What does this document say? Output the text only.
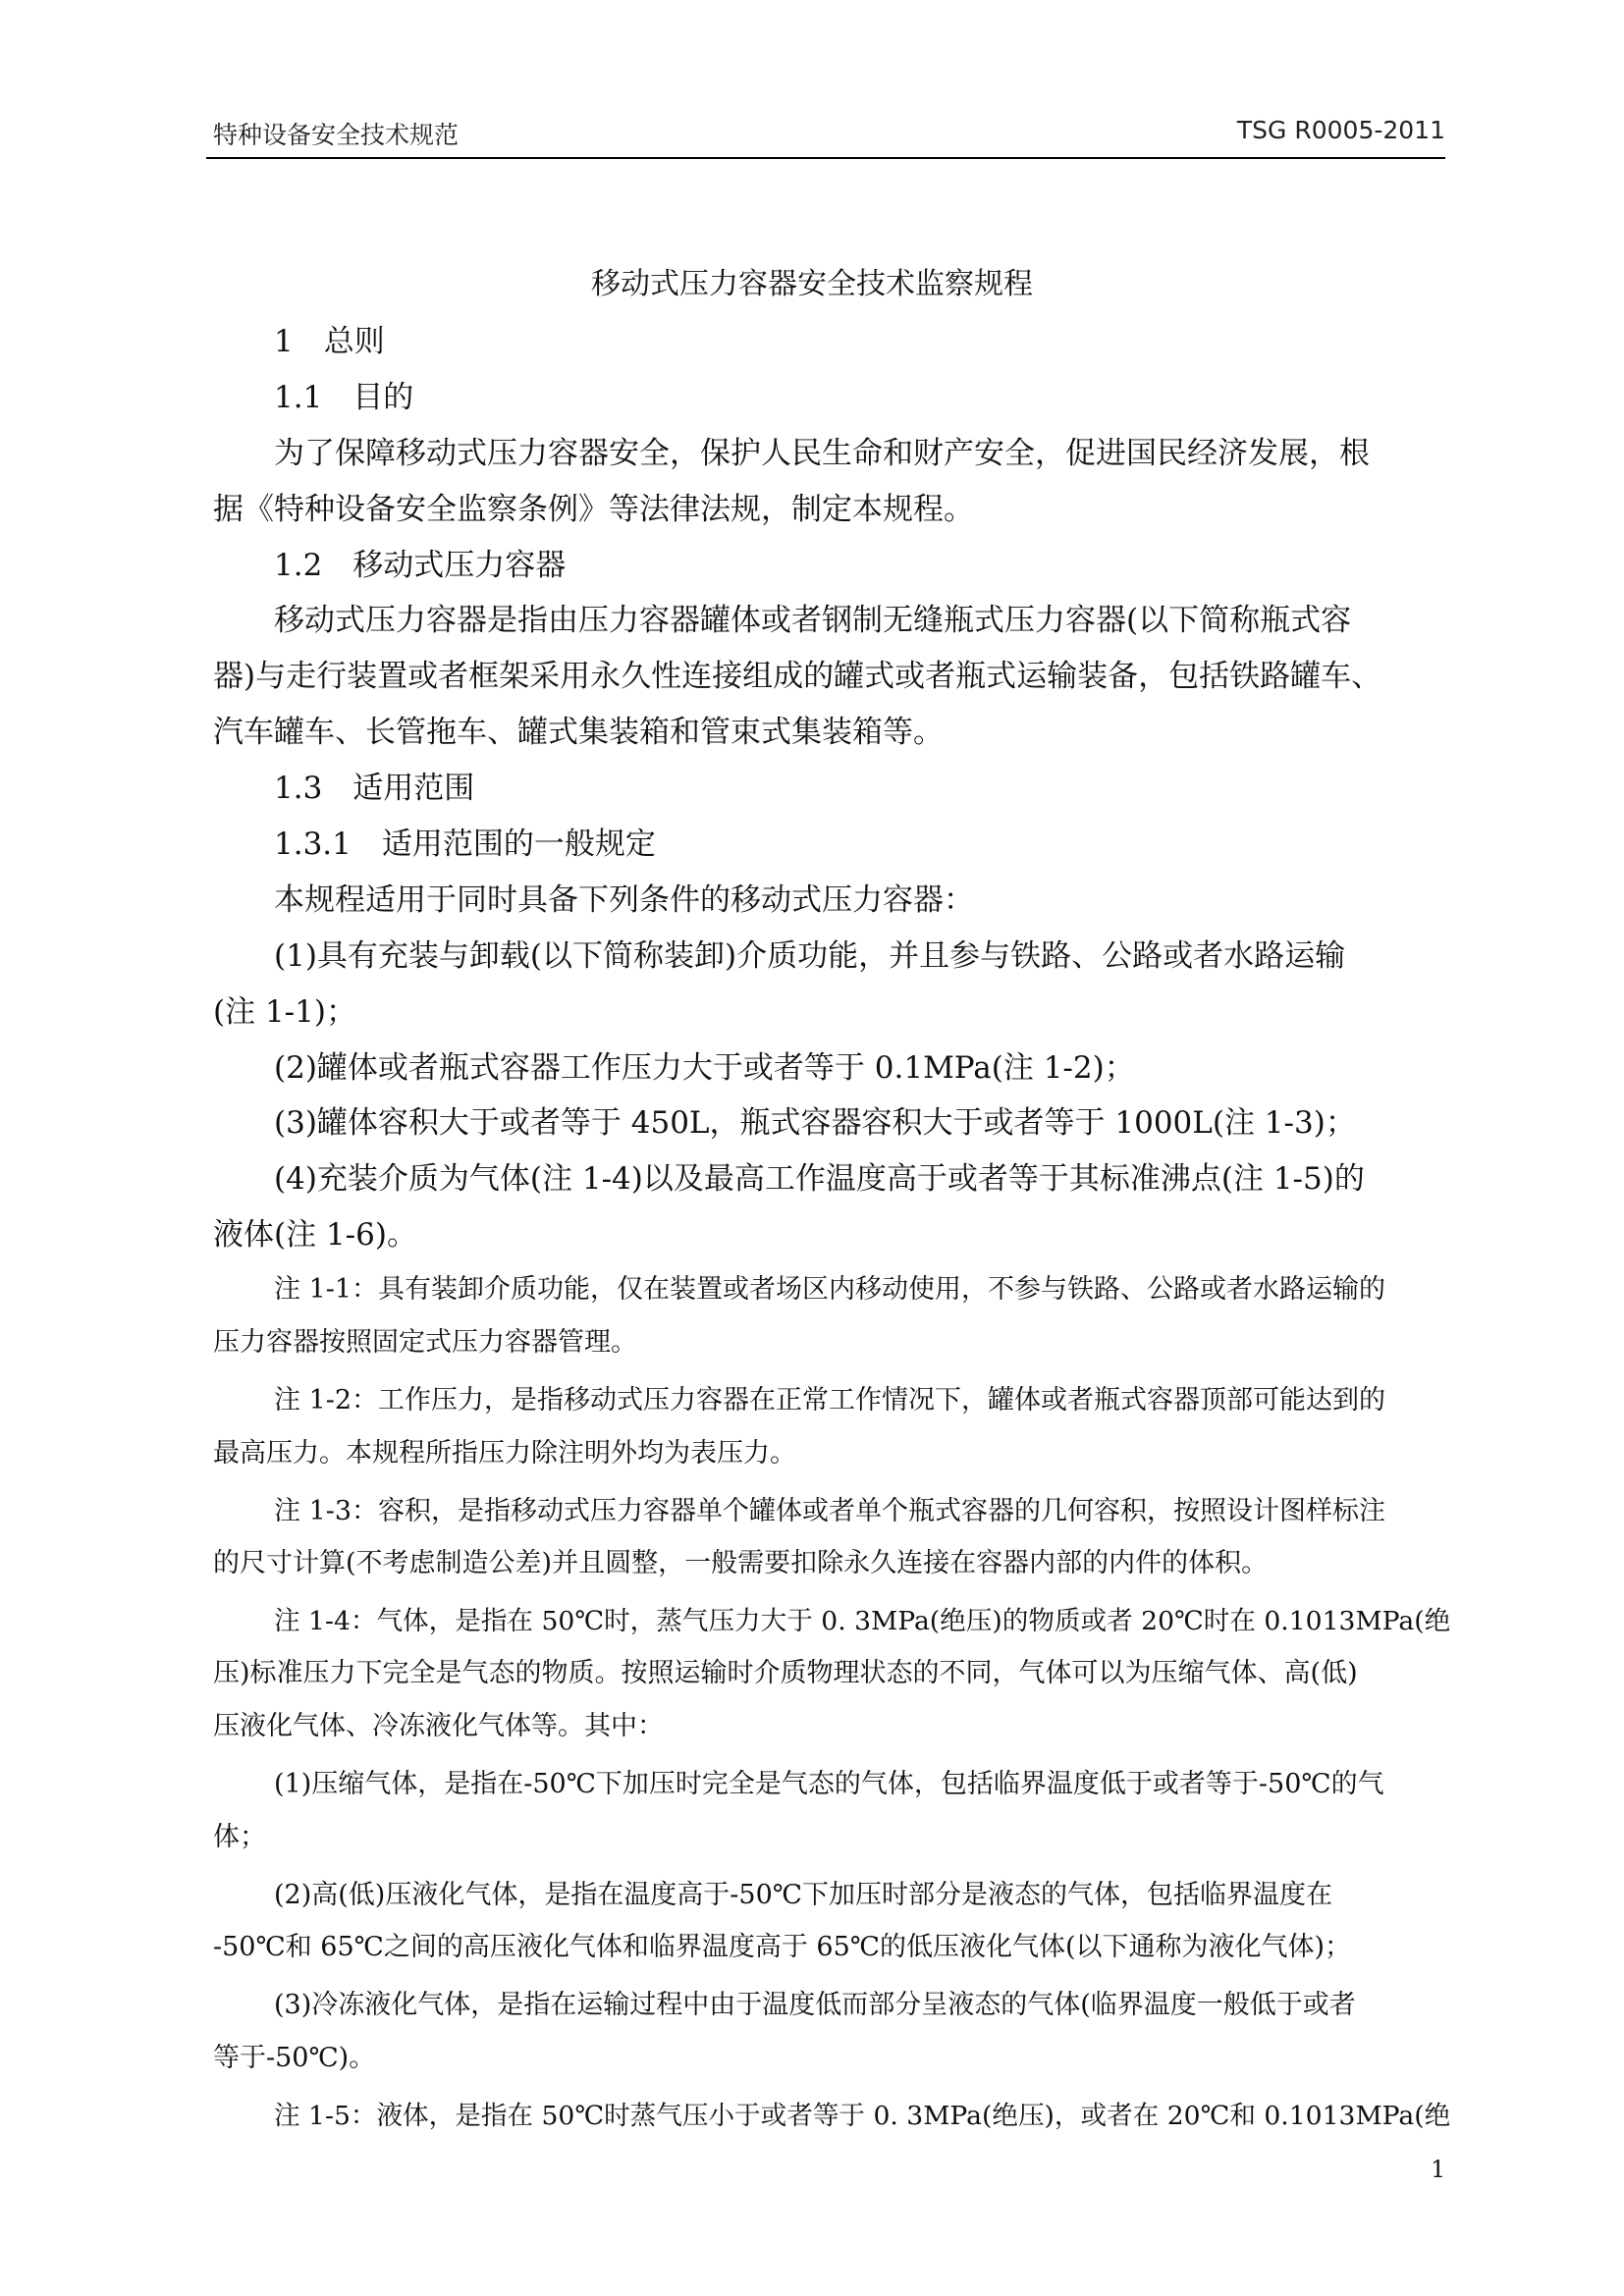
特种设备安全技术规范	TSG R0005-2011
移动式压力容器安全技术监察规程
1　总则
1.1　目的
为了保障移动式压力容器安全，保护人民生命和财产安全，促进国民经济发展，根
据《特种设备安全监察条例》等法律法规，制定本规程。
1.2　移动式压力容器
移动式压力容器是指由压力容器罐体或者钢制无缝瓶式压力容器(以下简称瓶式容
器)与走行装置或者框架采用永久性连接组成的罐式或者瓶式运输装备，包括铁路罐车、
汽车罐车、长管拖车、罐式集装箱和管束式集装箱等。
1.3　适用范围
1.3.1　适用范围的一般规定
本规程适用于同时具备下列条件的移动式压力容器：
(1)具有充装与卸载(以下简称装卸)介质功能，并且参与铁路、公路或者水路运输
(注 1-1)；
(2)罐体或者瓶式容器工作压力大于或者等于 0.1MPa(注 1-2)；
(3)罐体容积大于或者等于 450L，瓶式容器容积大于或者等于 1000L(注 1-3)；
(4)充装介质为气体(注 1-4)以及最高工作温度高于或者等于其标准沸点(注 1-5)的
液体(注 1-6)。
注 1-1：具有装卸介质功能，仅在装置或者场区内移动使用，不参与铁路、公路或者水路运输的
压力容器按照固定式压力容器管理。
注 1-2：工作压力，是指移动式压力容器在正常工作情况下，罐体或者瓶式容器顶部可能达到的
最高压力。本规程所指压力除注明外均为表压力。
注 1-3：容积，是指移动式压力容器单个罐体或者单个瓶式容器的几何容积，按照设计图样标注
的尺寸计算(不考虑制造公差)并且圆整，一般需要扣除永久连接在容器内部的内件的体积。
注 1-4：气体，是指在 50℃时，蒸气压力大于 0. 3MPa(绝压)的物质或者 20℃时在 0.1013MPa(绝
压)标准压力下完全是气态的物质。按照运输时介质物理状态的不同，气体可以为压缩气体、高(低)
压液化气体、冷冻液化气体等。其中：
(1)压缩气体，是指在-50℃下加压时完全是气态的气体，包括临界温度低于或者等于-50℃的气
体；
(2)高(低)压液化气体，是指在温度高于-50℃下加压时部分是液态的气体，包括临界温度在
-50℃和 65℃之间的高压液化气体和临界温度高于 65℃的低压液化气体(以下通称为液化气体)；
(3)冷冻液化气体，是指在运输过程中由于温度低而部分呈液态的气体(临界温度一般低于或者
等于-50℃)。
注 1-5：液体，是指在 50℃时蒸气压小于或者等于 0. 3MPa(绝压)，或者在 20℃和 0.1013MPa(绝
1
